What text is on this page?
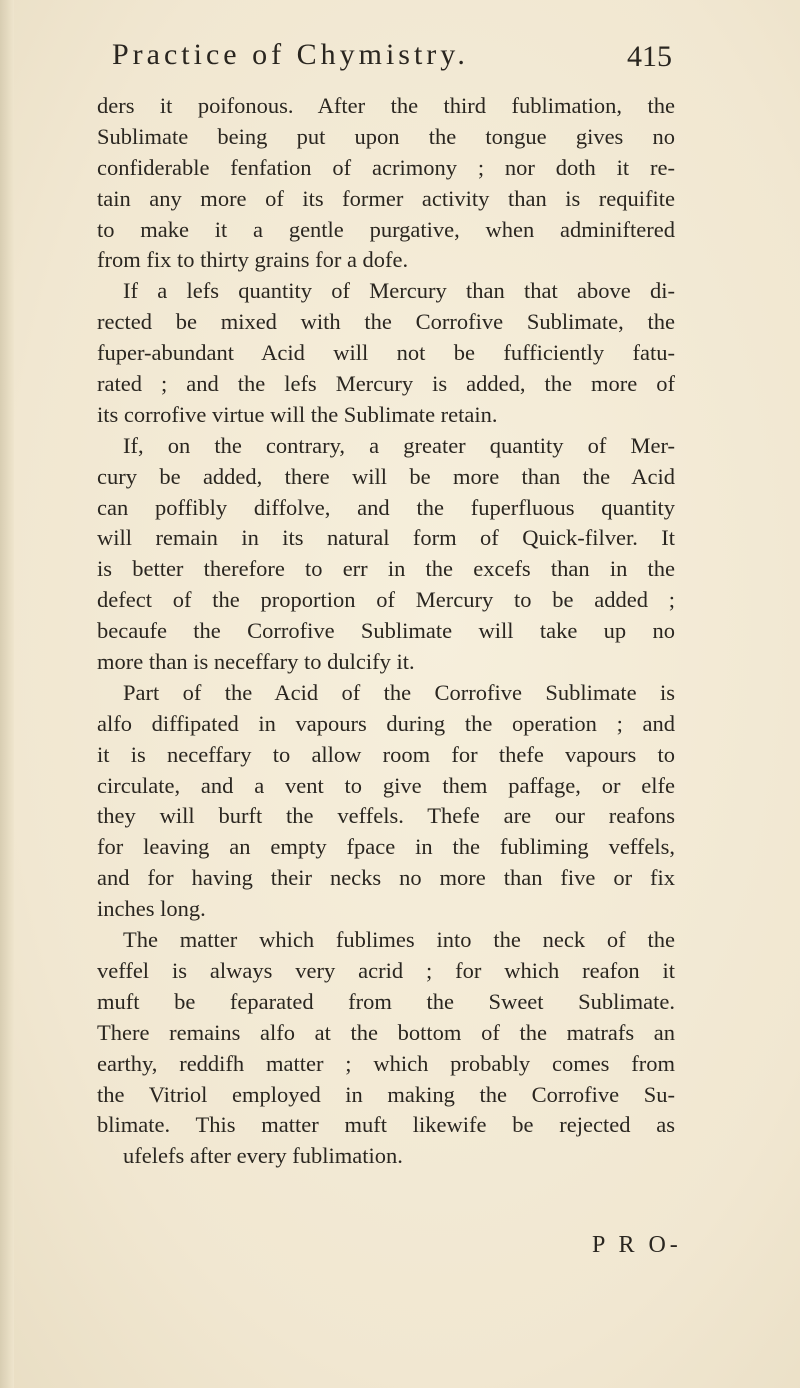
Practice of Chymistry.	415
ders it poifonous. After the third fublimation, the
Sublimate being put upon the tongue gives no
confiderable fenfation of acrimony ; nor doth it re-
tain any more of its former activity than is requifite
to make it a gentle purgative, when adminiftered
from fix to thirty grains for a dofe.
If a lefs quantity of Mercury than that above di-
rected be mixed with the Corrofive Sublimate, the
fuper-abundant Acid will not be fufficiently fatu-
rated ; and the lefs Mercury is added, the more of
its corrofive virtue will the Sublimate retain.
If, on the contrary, a greater quantity of Mer-
cury be added, there will be more than the Acid
can poffibly diffolve, and the fuperfluous quantity
will remain in its natural form of Quick-filver. It
is better therefore to err in the excefs than in the
defect of the proportion of Mercury to be added ;
becaufe the Corrofive Sublimate will take up no
more than is neceffary to dulcify it.
Part of the Acid of the Corrofive Sublimate is
alfo diffipated in vapours during the operation ; and
it is neceffary to allow room for thefe vapours to
circulate, and a vent to give them paffage, or elfe
they will burft the veffels. Thefe are our reafons
for leaving an empty fpace in the fubliming veffels,
and for having their necks no more than five or fix
inches long.
The matter which fublimes into the neck of the
veffel is always very acrid ; for which reafon it
muft be feparated from the Sweet Sublimate.
There remains alfo at the bottom of the matrafs an
earthy, reddifh matter ; which probably comes from
the Vitriol employed in making the Corrofive Su-
blimate. This matter muft likewife be rejected as
ufelefs after every fublimation.
P R O-
